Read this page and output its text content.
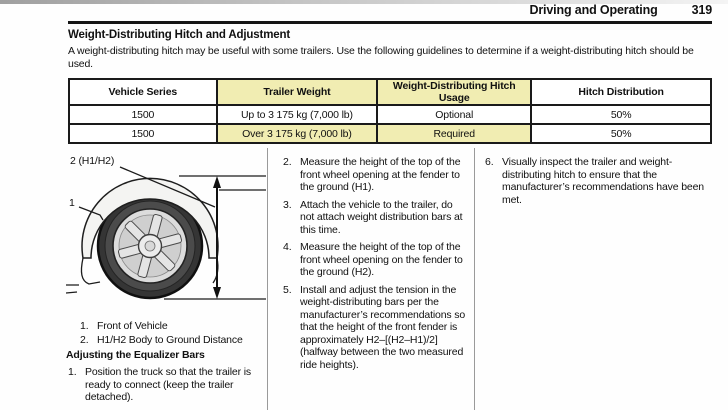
Driving and Operating	319
Weight-Distributing Hitch and Adjustment
A weight-distributing hitch may be useful with some trailers. Use the following guidelines to determine if a weight-distributing hitch should be used.
Vehicle Series	Trailer Weight	Weight-Distributing Hitch Usage	Hitch Distribution
1500	Up to 3 175 kg (7,000 lb)	Optional	50%
1500	Over 3 175 kg (7,000 lb)	Required	50%
2 (H1/H2)
1
1. Front of Vehicle
2. H1/H2 Body to Ground Distance
Adjusting the Equalizer Bars
1. Position the truck so that the trailer is ready to connect (keep the trailer detached).
2. Measure the height of the top of the front wheel opening at the fender to the ground (H1).
3. Attach the vehicle to the trailer, do not attach weight distribution bars at this time.
4. Measure the height of the top of the front wheel opening on the fender to the ground (H2).
5. Install and adjust the tension in the weight-distributing bars per the manufacturer’s recommendations so that the height of the front fender is approximately H2–[(H2–H1)/2] (halfway between the two measured ride heights).
6. Visually inspect the trailer and weight-distributing hitch to ensure that the manufacturer’s recommendations have been met.
